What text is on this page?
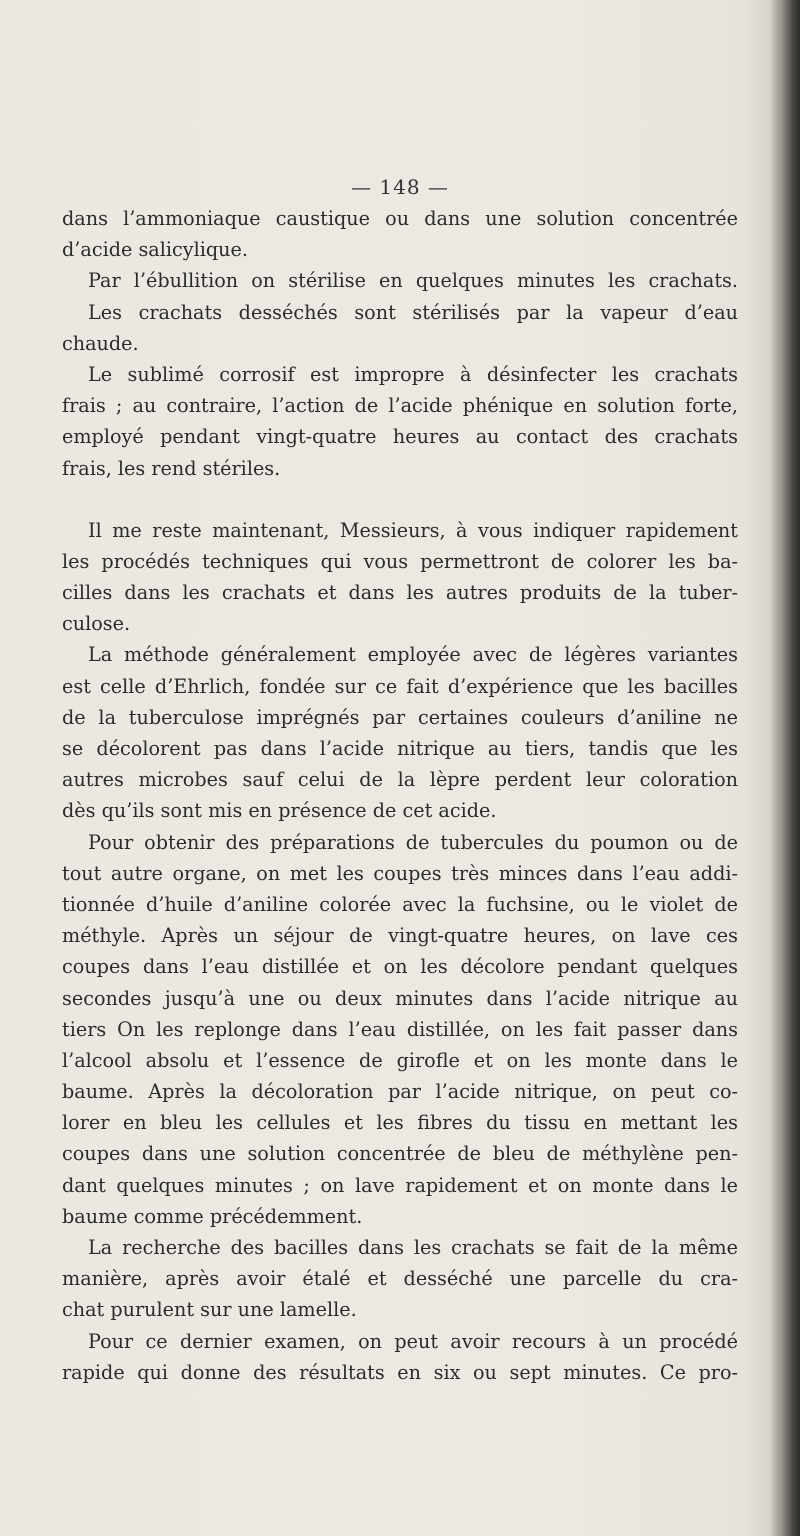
— 148 —
dans l’ammoniaque caustique ou dans une solution concentrée
d’acide salicylique.
Par l’ébullition on stérilise en quelques minutes les crachats.
Les crachats desséchés sont stérilisés par la vapeur d’eau
chaude.
Le sublimé corrosif est impropre à désinfecter les crachats
frais ; au contraire, l’action de l’acide phénique en solution forte,
employé pendant vingt-quatre heures au contact des crachats
frais, les rend stériles.
Il me reste maintenant, Messieurs, à vous indiquer rapidement
les procédés techniques qui vous permettront de colorer les ba-
cilles dans les crachats et dans les autres produits de la tuber-
culose.
La méthode généralement employée avec de légères variantes
est celle d’Ehrlich, fondée sur ce fait d’expérience que les bacilles
de la tuberculose imprégnés par certaines couleurs d’aniline ne
se décolorent pas dans l’acide nitrique au tiers, tandis que les
autres microbes sauf celui de la lèpre perdent leur coloration
dès qu’ils sont mis en présence de cet acide.
Pour obtenir des préparations de tubercules du poumon ou de
tout autre organe, on met les coupes très minces dans l’eau addi-
tionnée d’huile d’aniline colorée avec la fuchsine, ou le violet de
méthyle. Après un séjour de vingt-quatre heures, on lave ces
coupes dans l’eau distillée et on les décolore pendant quelques
secondes jusqu’à une ou deux minutes dans l’acide nitrique au
tiers On les replonge dans l’eau distillée, on les fait passer dans
l’alcool absolu et l’essence de girofle et on les monte dans le
baume. Après la décoloration par l’acide nitrique, on peut co-
lorer en bleu les cellules et les fibres du tissu en mettant les
coupes dans une solution concentrée de bleu de méthylène pen-
dant quelques minutes ; on lave rapidement et on monte dans le
baume comme précédemment.
La recherche des bacilles dans les crachats se fait de la même
manière, après avoir étalé et desséché une parcelle du cra-
chat purulent sur une lamelle.
Pour ce dernier examen, on peut avoir recours à un procédé
rapide qui donne des résultats en six ou sept minutes. Ce pro-
